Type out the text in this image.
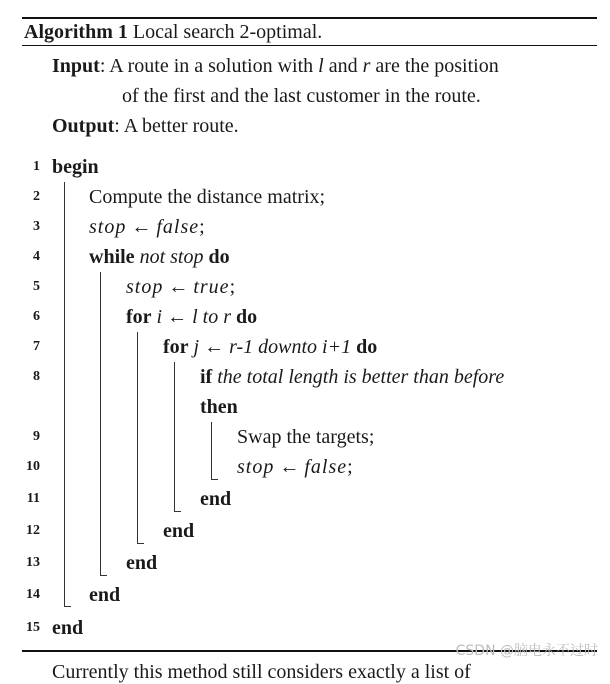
Algorithm 1 Local search 2-optimal.
Input: A route in a solution with l and r are the position
of the first and the last customer in the route.
Output: A better route.
1
2
3
4
5
6
7
8
9
10
11
12
13
14
15
begin
Compute the distance matrix;
stop ← false;
while not stop do
stop ← true;
for i ← l to r do
for j ← r-1 downto i+1 do
if the total length is better than before
then
Swap the targets;
stop ← false;
end
end
end
end
end
CSDN @脑电永不过时
Currently this method still considers exactly a list of
